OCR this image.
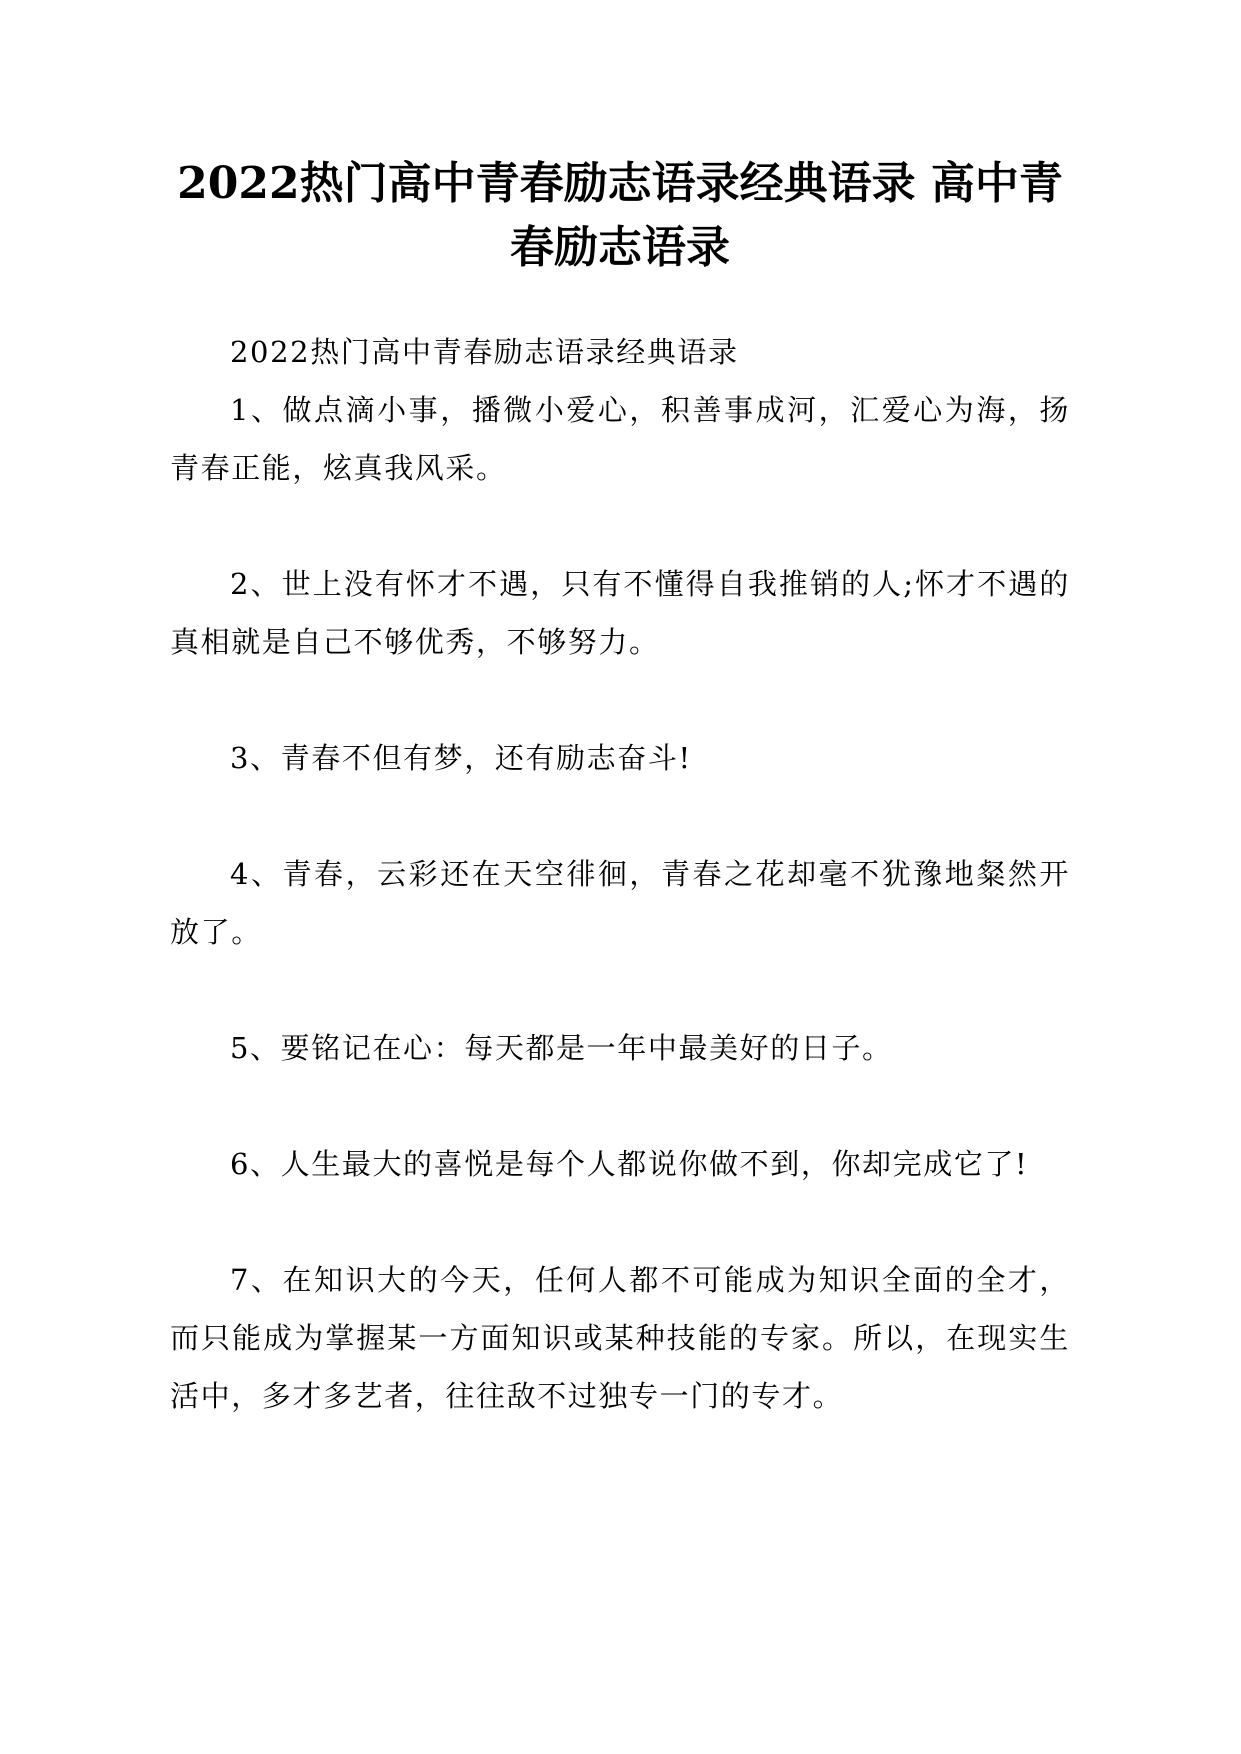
2022热门高中青春励志语录经典语录 高中青春励志语录

2022热门高中青春励志语录经典语录

1、做点滴小事，播微小爱心，积善事成河，汇爱心为海，扬青春正能，炫真我风采。

2、世上没有怀才不遇，只有不懂得自我推销的人;怀才不遇的真相就是自己不够优秀，不够努力。

3、青春不但有梦，还有励志奋斗!

4、青春，云彩还在天空徘徊，青春之花却毫不犹豫地粲然开放了。

5、要铭记在心：每天都是一年中最美好的日子。

6、人生最大的喜悦是每个人都说你做不到，你却完成它了!

7、在知识大的今天，任何人都不可能成为知识全面的全才，而只能成为掌握某一方面知识或某种技能的专家。所以，在现实生活中，多才多艺者，往往敌不过独专一门的专才。
